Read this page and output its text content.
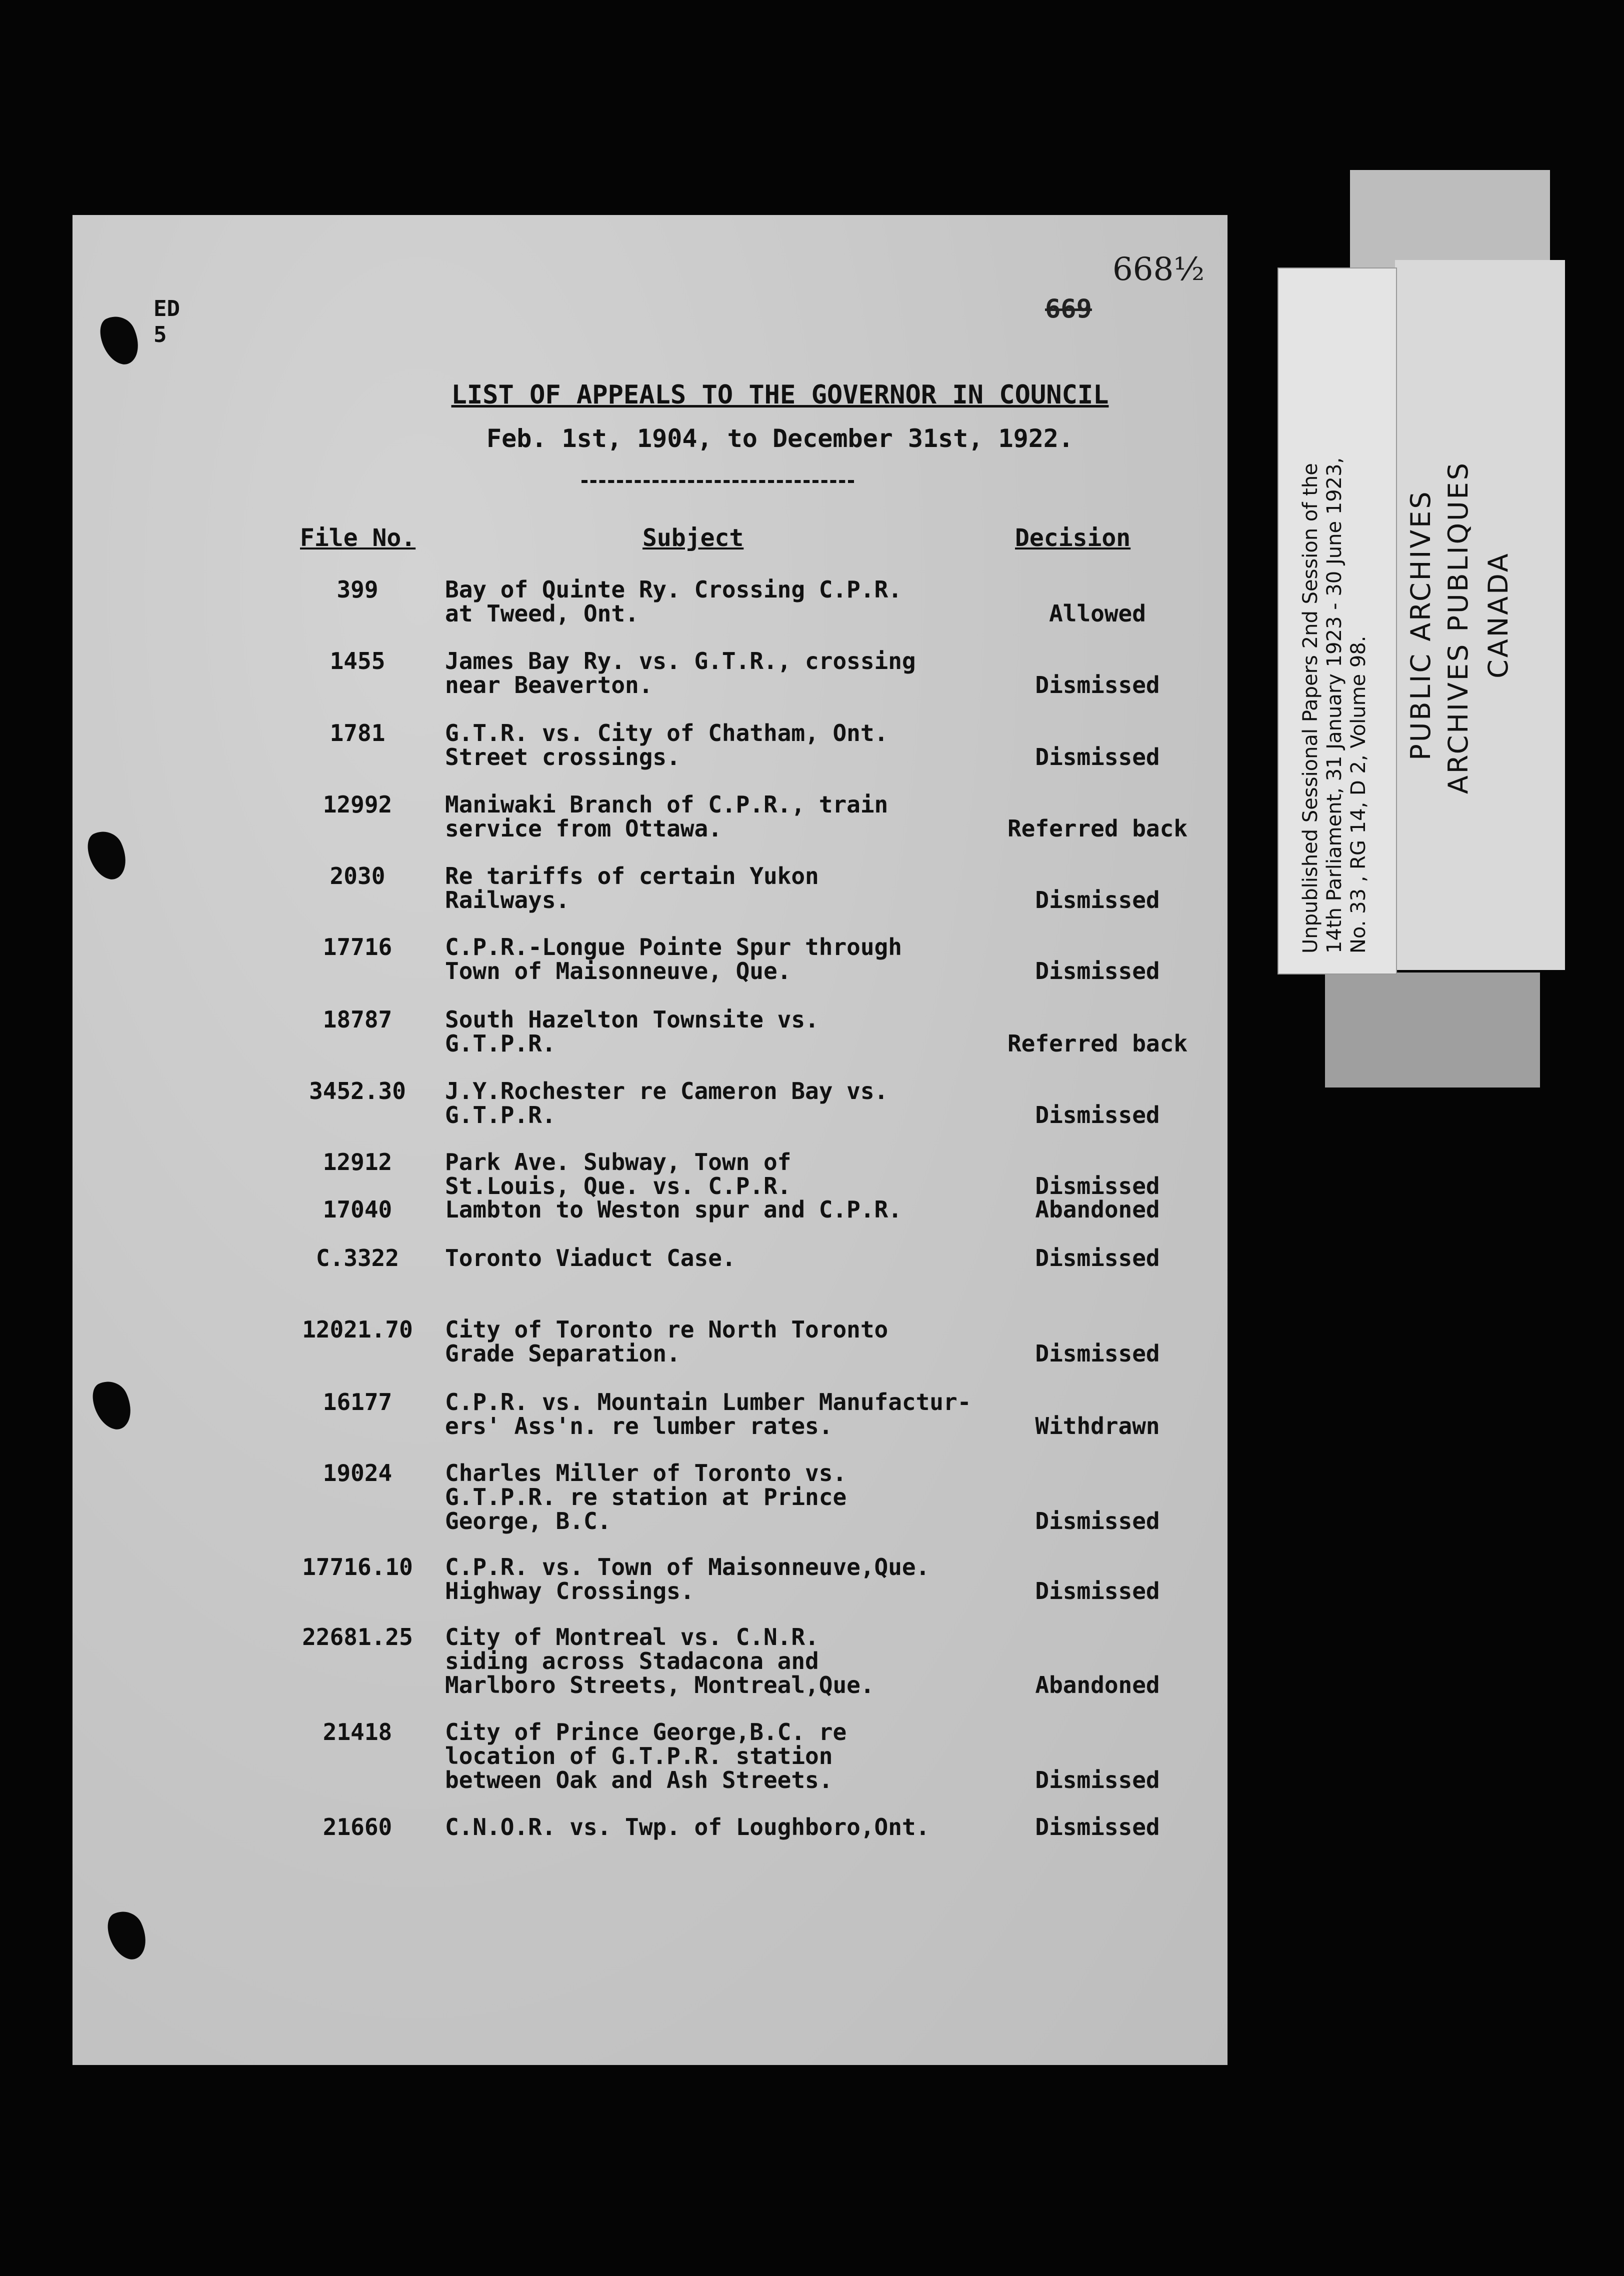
668½
669
ED
5
LIST OF APPEALS TO THE GOVERNOR IN COUNCIL
Feb. 1st, 1904, to December 31st, 1922.
File No.	Subject	Decision
399	Bay of Quinte Ry. Crossing C.P.R.
at Tweed, Ont.	Allowed
1455	James Bay Ry. vs. G.T.R., crossing
near Beaverton.	Dismissed
1781	G.T.R. vs. City of Chatham, Ont.
Street crossings.	Dismissed
12992	Maniwaki Branch of C.P.R., train
service from Ottawa.	Referred back
2030	Re tariffs of certain Yukon
Railways.	Dismissed
17716	C.P.R.-Longue Pointe Spur through
Town of Maisonneuve, Que.	Dismissed
18787	South Hazelton Townsite vs.
G.T.P.R.	Referred back
3452.30	J.Y.Rochester re Cameron Bay vs.
G.T.P.R.	Dismissed
12912	Park Ave. Subway, Town of
St.Louis, Que. vs. C.P.R.	Dismissed
17040	Lambton to Weston spur and C.P.R.	Abandoned
C.3322	Toronto Viaduct Case.	Dismissed
12021.70	City of Toronto re North Toronto
Grade Separation.	Dismissed
16177	C.P.R. vs. Mountain Lumber Manufactur-
ers' Ass'n. re lumber rates.	Withdrawn
19024	Charles Miller of Toronto vs.
G.T.P.R. re station at Prince
George, B.C.	Dismissed
17716.10	C.P.R. vs. Town of Maisonneuve,Que.
Highway Crossings.	Dismissed
22681.25	City of Montreal vs. C.N.R.
siding across Stadacona and
Marlboro Streets, Montreal,Que.	Abandoned
21418	City of Prince George,B.C. re
location of G.T.P.R. station
between Oak and Ash Streets.	Dismissed
21660	C.N.O.R. vs. Twp. of Loughboro,Ont.	Dismissed
Unpublished Sessional Papers 2nd Session of the 14th Parliament, 31 January 1923 - 30 June 1923, No. 33 , RG 14, D 2, Volume 98.
PUBLIC ARCHIVES ARCHIVES PUBLIQUES CANADA
